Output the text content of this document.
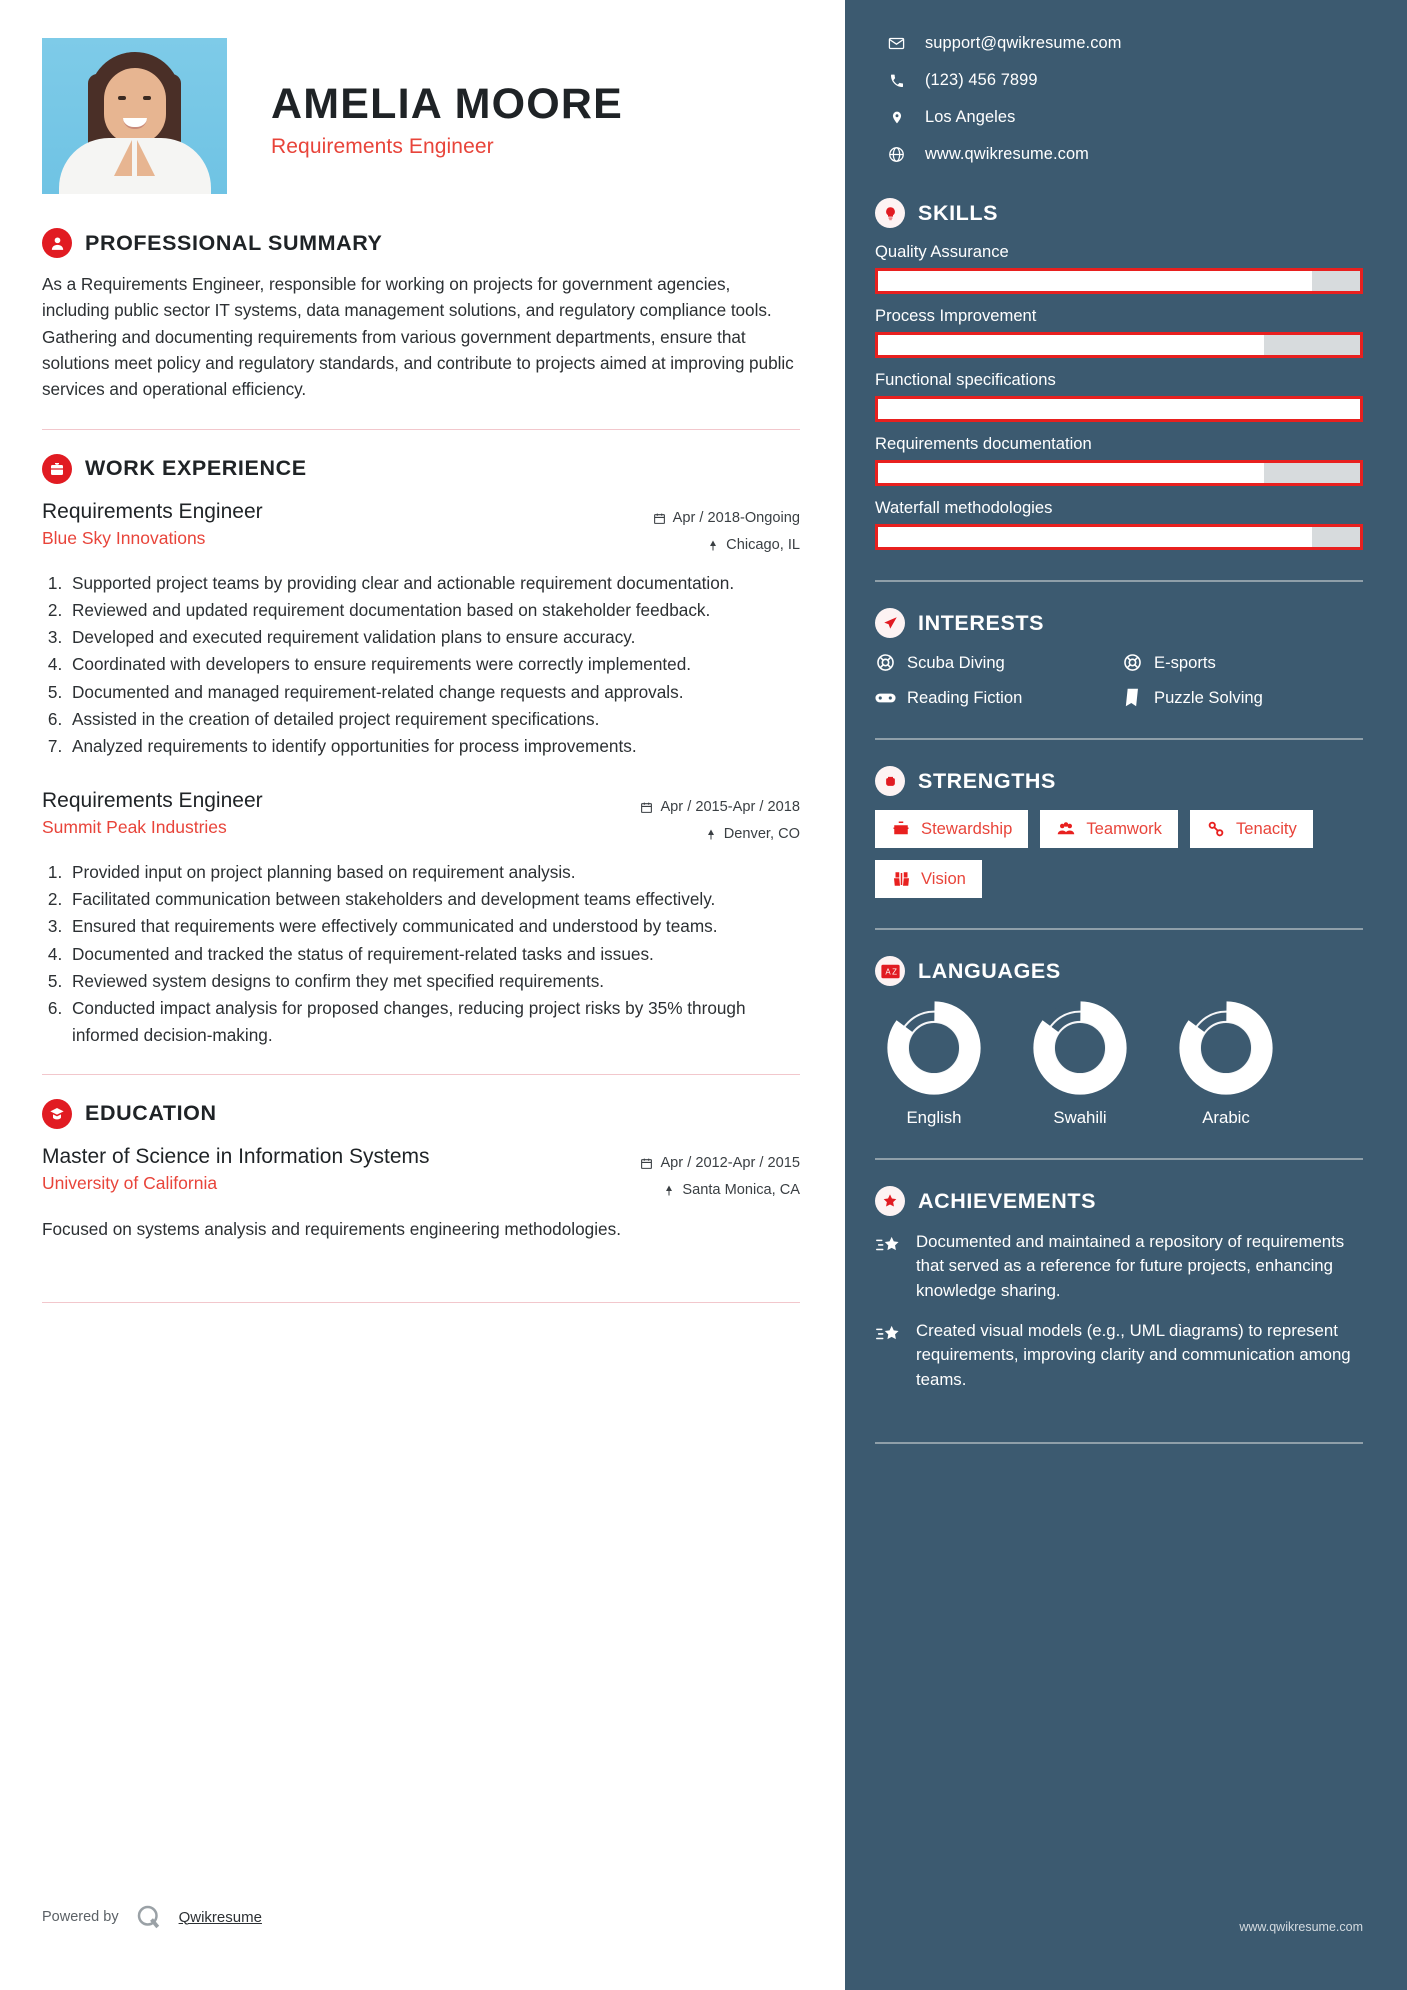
AMELIA MOORE
Requirements Engineer
PROFESSIONAL SUMMARY
As a Requirements Engineer, responsible for working on projects for government agencies, including public sector IT systems, data management solutions, and regulatory compliance tools. Gathering and documenting requirements from various government departments, ensure that solutions meet policy and regulatory standards, and contribute to projects aimed at improving public services and operational efficiency.
WORK EXPERIENCE
Requirements Engineer
Blue Sky Innovations
Apr / 2018-Ongoing
Chicago, IL
1. Supported project teams by providing clear and actionable requirement documentation.
2. Reviewed and updated requirement documentation based on stakeholder feedback.
3. Developed and executed requirement validation plans to ensure accuracy.
4. Coordinated with developers to ensure requirements were correctly implemented.
5. Documented and managed requirement-related change requests and approvals.
6. Assisted in the creation of detailed project requirement specifications.
7. Analyzed requirements to identify opportunities for process improvements.
Requirements Engineer
Summit Peak Industries
Apr / 2015-Apr / 2018
Denver, CO
1. Provided input on project planning based on requirement analysis.
2. Facilitated communication between stakeholders and development teams effectively.
3. Ensured that requirements were effectively communicated and understood by teams.
4. Documented and tracked the status of requirement-related tasks and issues.
5. Reviewed system designs to confirm they met specified requirements.
6. Conducted impact analysis for proposed changes, reducing project risks by 35% through informed decision-making.
EDUCATION
Master of Science in Information Systems
University of California
Apr / 2012-Apr / 2015
Santa Monica, CA
Focused on systems analysis and requirements engineering methodologies.
Powered by	Qwikresume
support@qwikresume.com
(123) 456 7899
Los Angeles
www.qwikresume.com
SKILLS
Quality Assurance
Process Improvement
Functional specifications
Requirements documentation
Waterfall methodologies
INTERESTS
Scuba Diving	E-sports
Reading Fiction	Puzzle Solving
STRENGTHS
Stewardship	Teamwork	Tenacity
Vision
A Z LANGUAGES
English	Swahili	Arabic
ACHIEVEMENTS
Documented and maintained a repository of requirements that served as a reference for future projects, enhancing knowledge sharing.
Created visual models (e.g., UML diagrams) to represent requirements, improving clarity and communication among teams.
www.qwikresume.com
